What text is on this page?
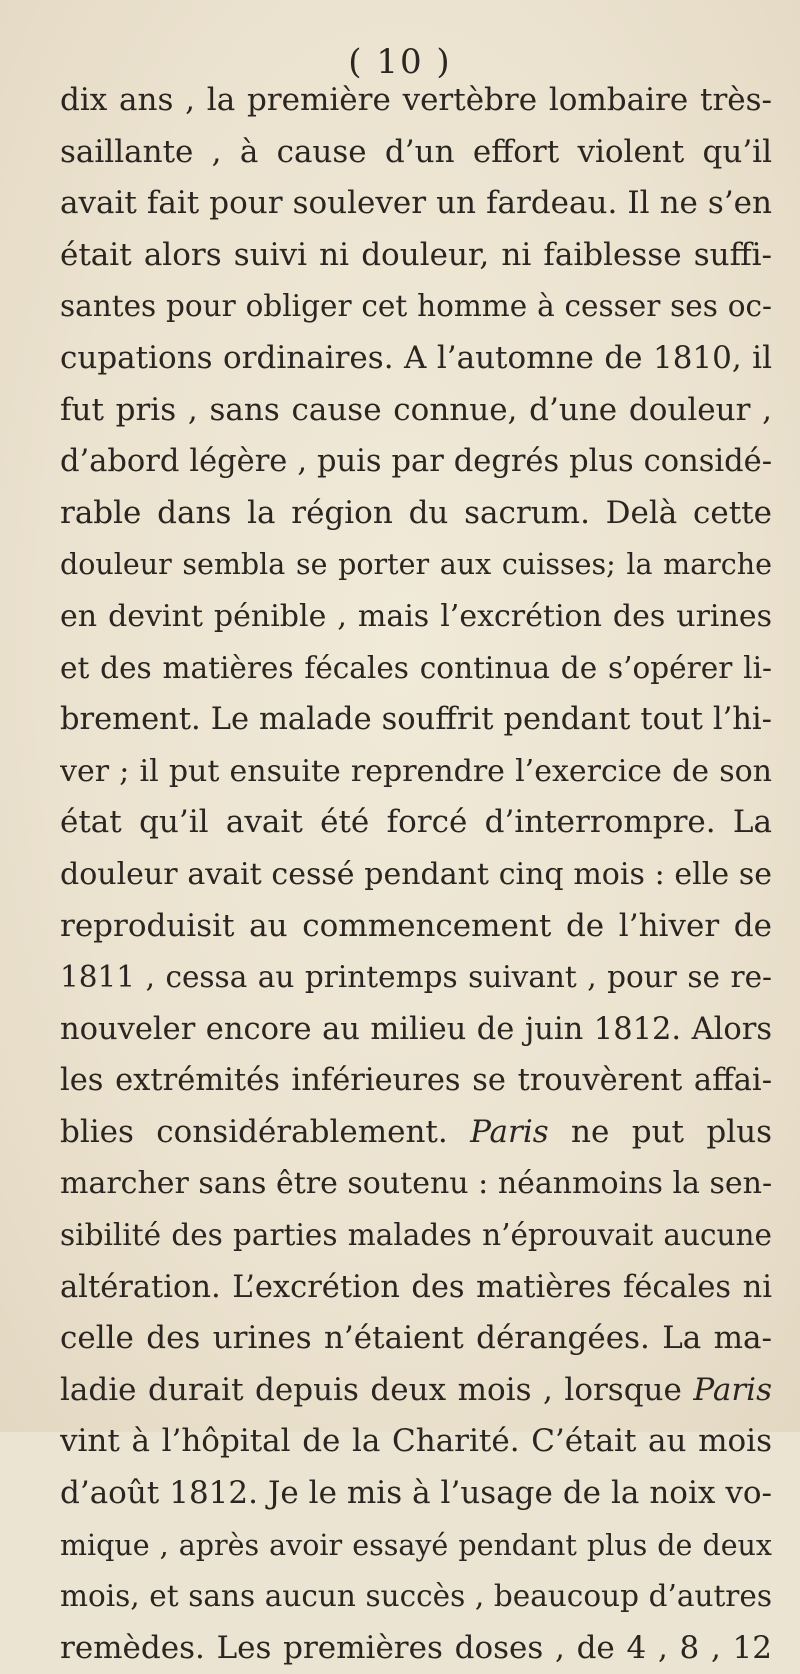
( 10 )
dix ans , la première vertèbre lombaire très-
saillante , à cause d’un effort violent qu’il
avait fait pour soulever un fardeau. Il ne s’en
était alors suivi ni douleur, ni faiblesse suffi-
santes pour obliger cet homme à cesser ses oc-
cupations ordinaires. A l’automne de 1810, il
fut pris , sans cause connue, d’une douleur ,
d’abord légère , puis par degrés plus considé-
rable dans la région du sacrum. Delà cette
douleur sembla se porter aux cuisses; la marche
en devint pénible , mais l’excrétion des urines
et des matières fécales continua de s’opérer li-
brement. Le malade souffrit pendant tout l’hi-
ver ; il put ensuite reprendre l’exercice de son
état qu’il avait été forcé d’interrompre. La
douleur avait cessé pendant cinq mois : elle se
reproduisit au commencement de l’hiver de
1811 , cessa au printemps suivant , pour se re-
nouveler encore au milieu de juin 1812. Alors
les extrémités inférieures se trouvèrent affai-
blies considérablement. Paris ne put plus
marcher sans être soutenu : néanmoins la sen-
sibilité des parties malades n’éprouvait aucune
altération. L’excrétion des matières fécales ni
celle des urines n’étaient dérangées. La ma-
ladie durait depuis deux mois , lorsque Paris
vint à l’hôpital de la Charité. C’était au mois
d’août 1812. Je le mis à l’usage de la noix vo-
mique , après avoir essayé pendant plus de deux
mois, et sans aucun succès , beaucoup d’autres
remèdes. Les premières doses , de 4 , 8 , 12
